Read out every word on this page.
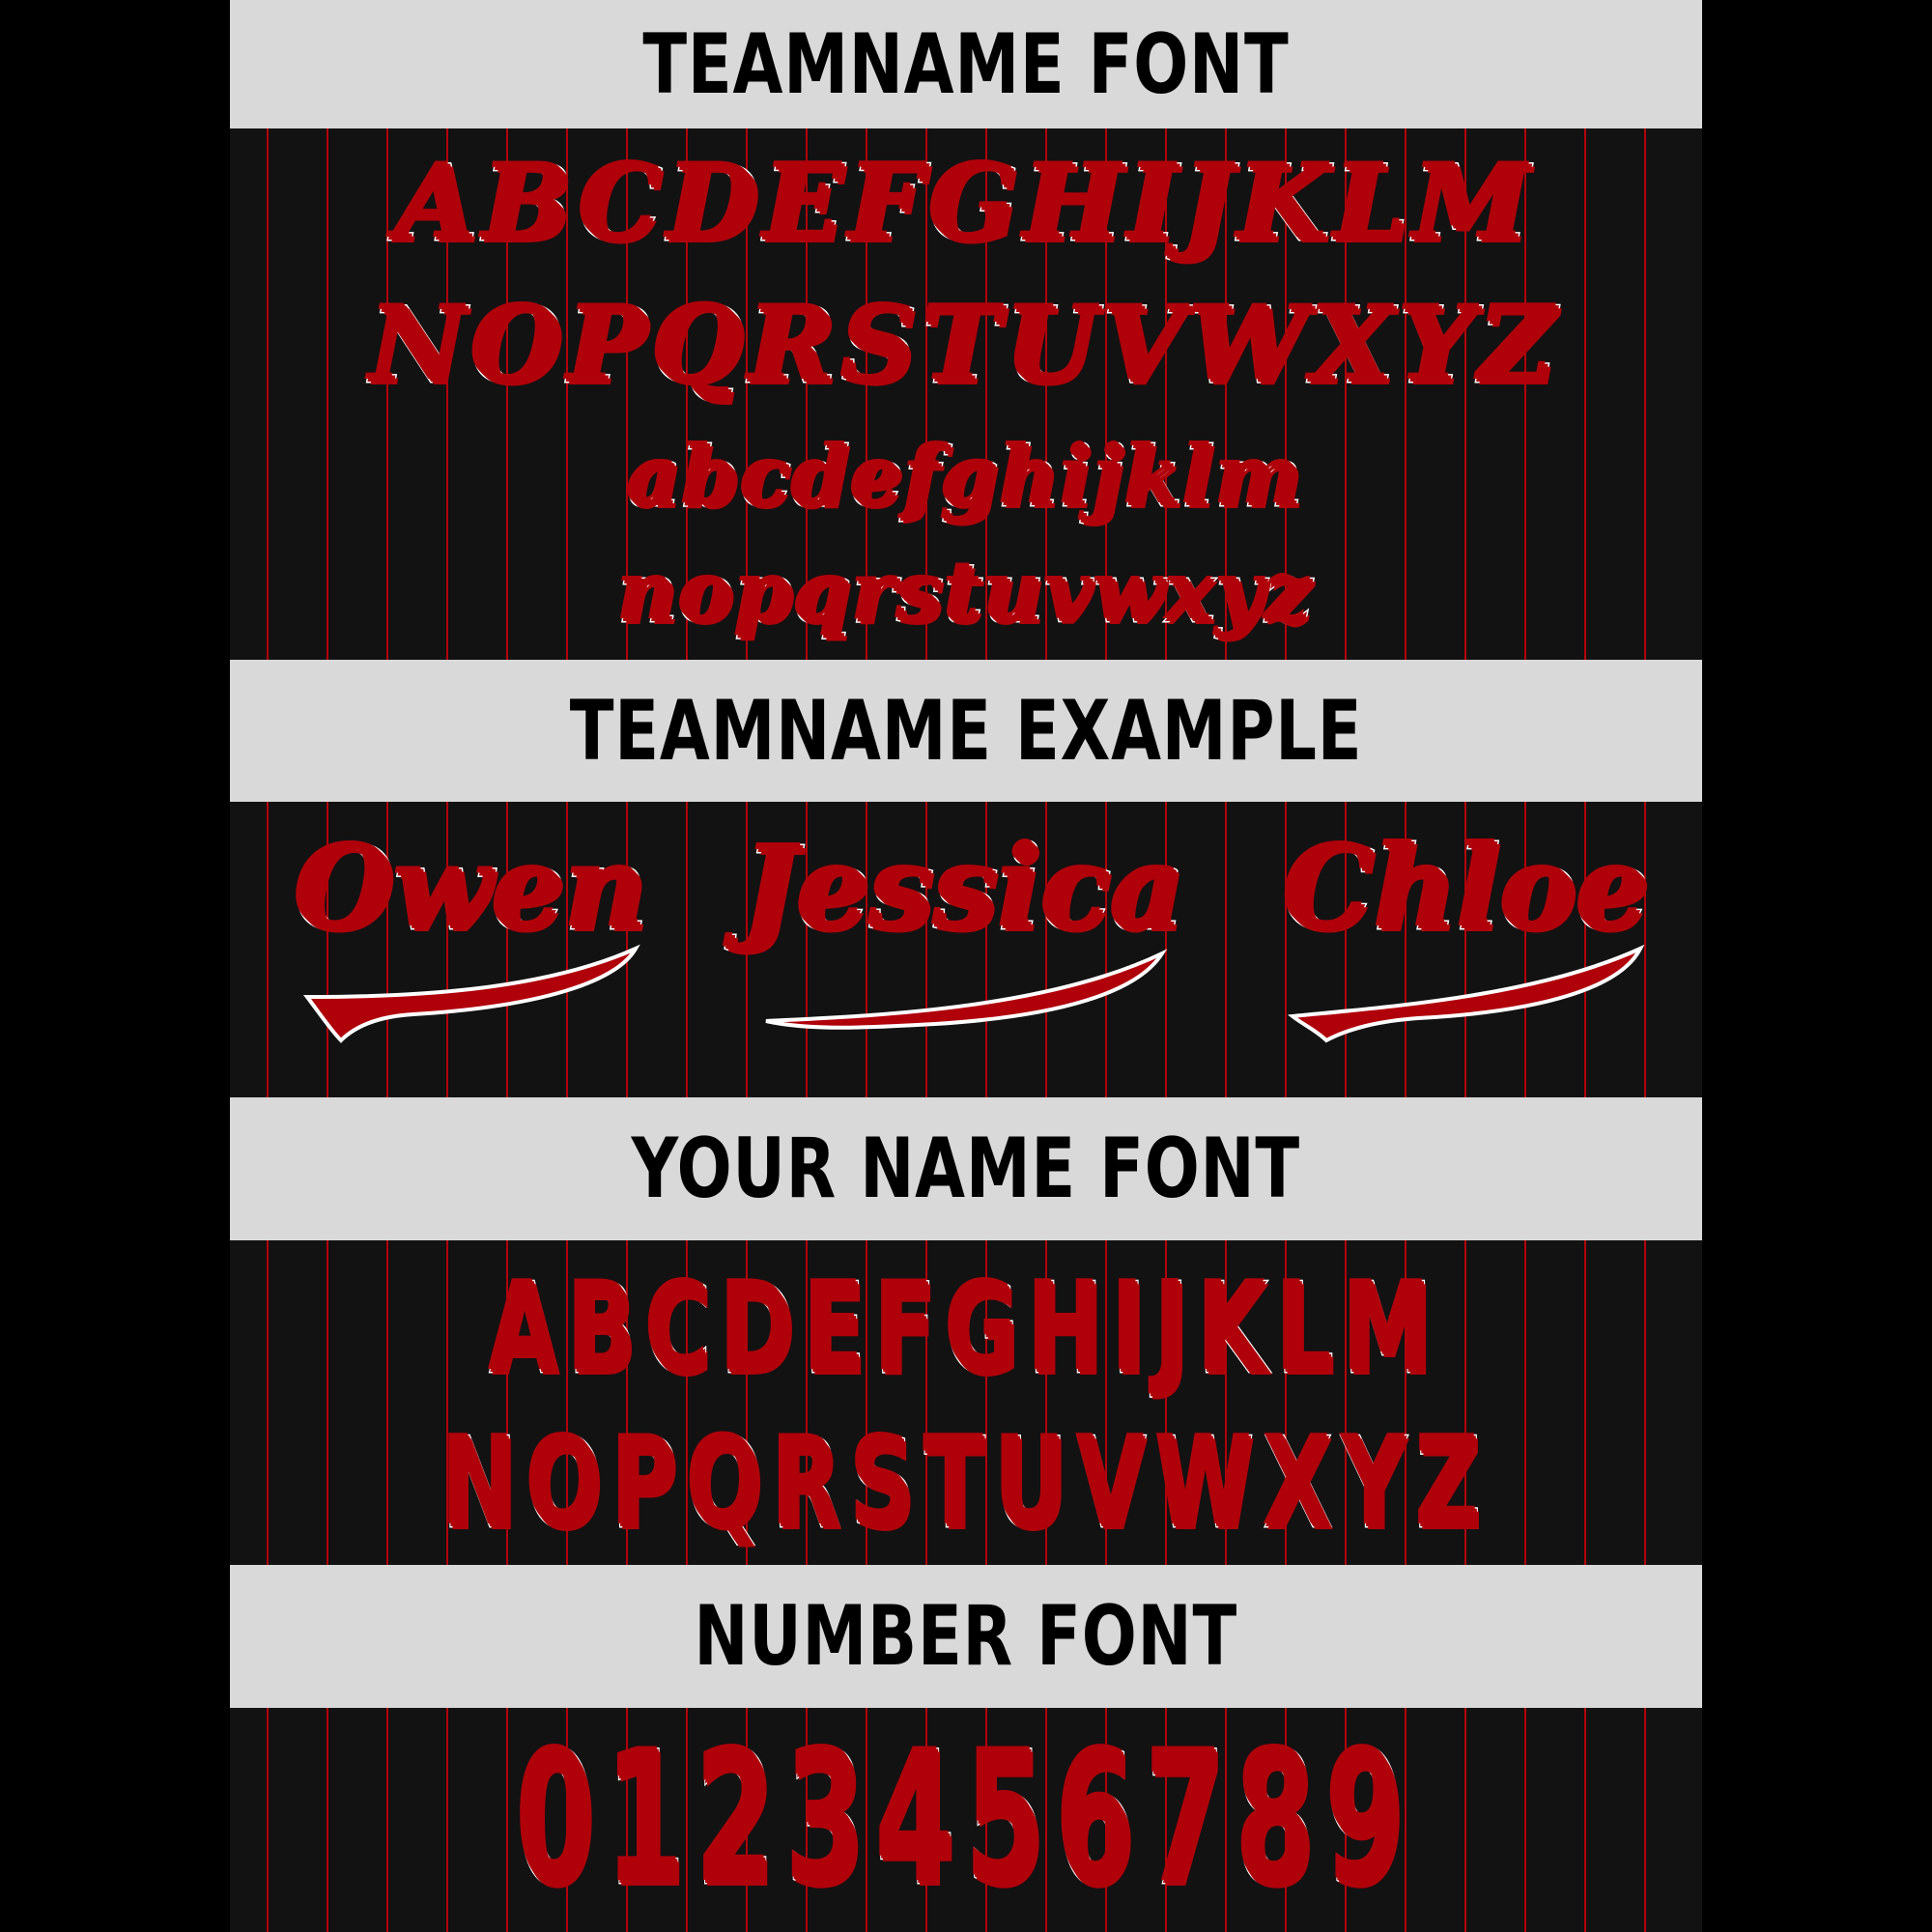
TEAMNAME FONT
ABCDEFGHIJKLM
NOPQRSTUVWXYZ
abcdefghijklm
nopqrstuvwxyz
TEAMNAME EXAMPLE
Owen Jessica Chloe
YOUR NAME FONT
ABCDEFGHIJKLM
NOPQRSTUVWXYZ
NUMBER FONT
0123456789
